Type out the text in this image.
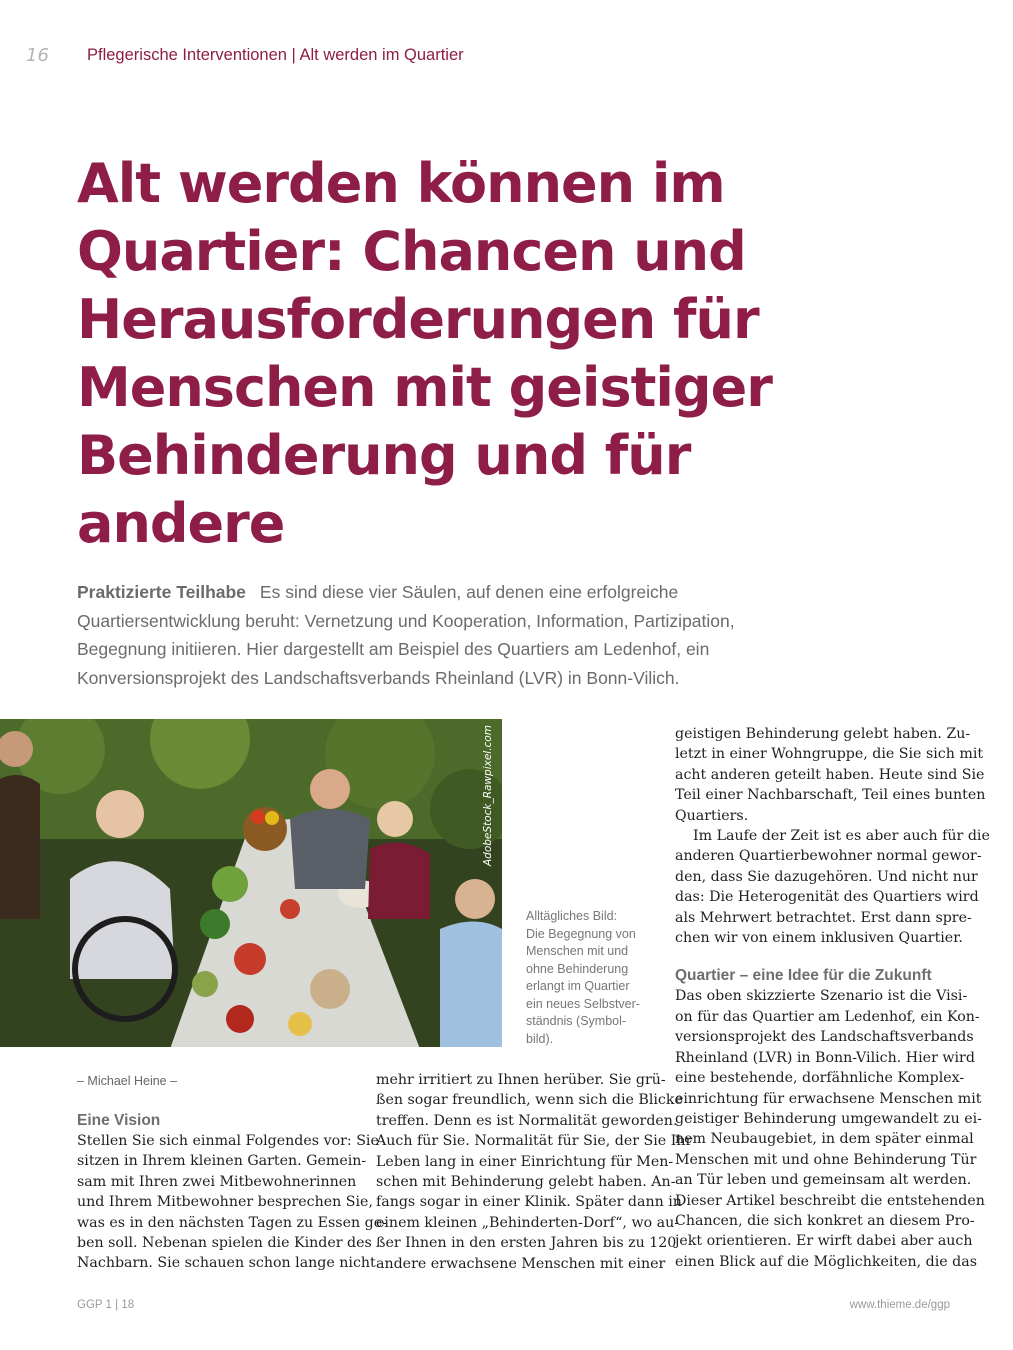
16 Pflegerische Interventionen | Alt werden im Quartier
Alt werden können im
Quartier: Chancen und
Herausforderungen für
Menschen mit geistiger
Behinderung und für
andere
Praktizierte Teilhabe Es sind diese vier Säulen, auf denen eine erfolgreiche
Quartiersentwicklung beruht: Vernetzung und Kooperation, Information, Partizipation,
Begegnung initiieren. Hier dargestellt am Beispiel des Quartiers am Ledenhof, ein
Konversionsprojekt des Landschaftsverbands Rheinland (LVR) in Bonn-Vilich.
AdobeStock_Rawpixel.com
Alltägliches Bild:
Die Begegnung von
Menschen mit und
ohne Behinderung
erlangt im Quartier
ein neues Selbstver-
ständnis (Symbol-
bild).
– Michael Heine –
Eine Vision
Stellen Sie sich einmal Folgendes vor: Sie
sitzen in Ihrem kleinen Garten. Gemein-
sam mit Ihren zwei Mitbewohnerinnen
und Ihrem Mitbewohner besprechen Sie,
was es in den nächsten Tagen zu Essen ge-
ben soll. Nebenan spielen die Kinder des
Nachbarn. Sie schauen schon lange nicht
mehr irritiert zu Ihnen herüber. Sie grü-
ßen sogar freundlich, wenn sich die Blicke
treffen. Denn es ist Normalität geworden.
Auch für Sie. Normalität für Sie, der Sie Ihr
Leben lang in einer Einrichtung für Men-
schen mit Behinderung gelebt haben. An-
fangs sogar in einer Klinik. Später dann in
einem kleinen „Behinderten-Dorf“, wo au-
ßer Ihnen in den ersten Jahren bis zu 120
andere erwachsene Menschen mit einer
geistigen Behinderung gelebt haben. Zu-
letzt in einer Wohngruppe, die Sie sich mit
acht anderen geteilt haben. Heute sind Sie
Teil einer Nachbarschaft, Teil eines bunten
Quartiers.
Im Laufe der Zeit ist es aber auch für die
anderen Quartierbewohner normal gewor-
den, dass Sie dazugehören. Und nicht nur
das: Die Heterogenität des Quartiers wird
als Mehrwert betrachtet. Erst dann spre-
chen wir von einem inklusiven Quartier.
Quartier – eine Idee für die Zukunft
Das oben skizzierte Szenario ist die Visi-
on für das Quartier am Ledenhof, ein Kon-
versionsprojekt des Landschaftsverbands
Rheinland (LVR) in Bonn-Vilich. Hier wird
eine bestehende, dorfähnliche Komplex-
einrichtung für erwachsene Menschen mit
geistiger Behinderung umgewandelt zu ei-
nem Neubaugebiet, in dem später einmal
Menschen mit und ohne Behinderung Tür
an Tür leben und gemeinsam alt werden.
Dieser Artikel beschreibt die entstehenden
Chancen, die sich konkret an diesem Pro-
jekt orientieren. Er wirft dabei aber auch
einen Blick auf die Möglichkeiten, die das
GGP 1 | 18	www.thieme.de/ggp
